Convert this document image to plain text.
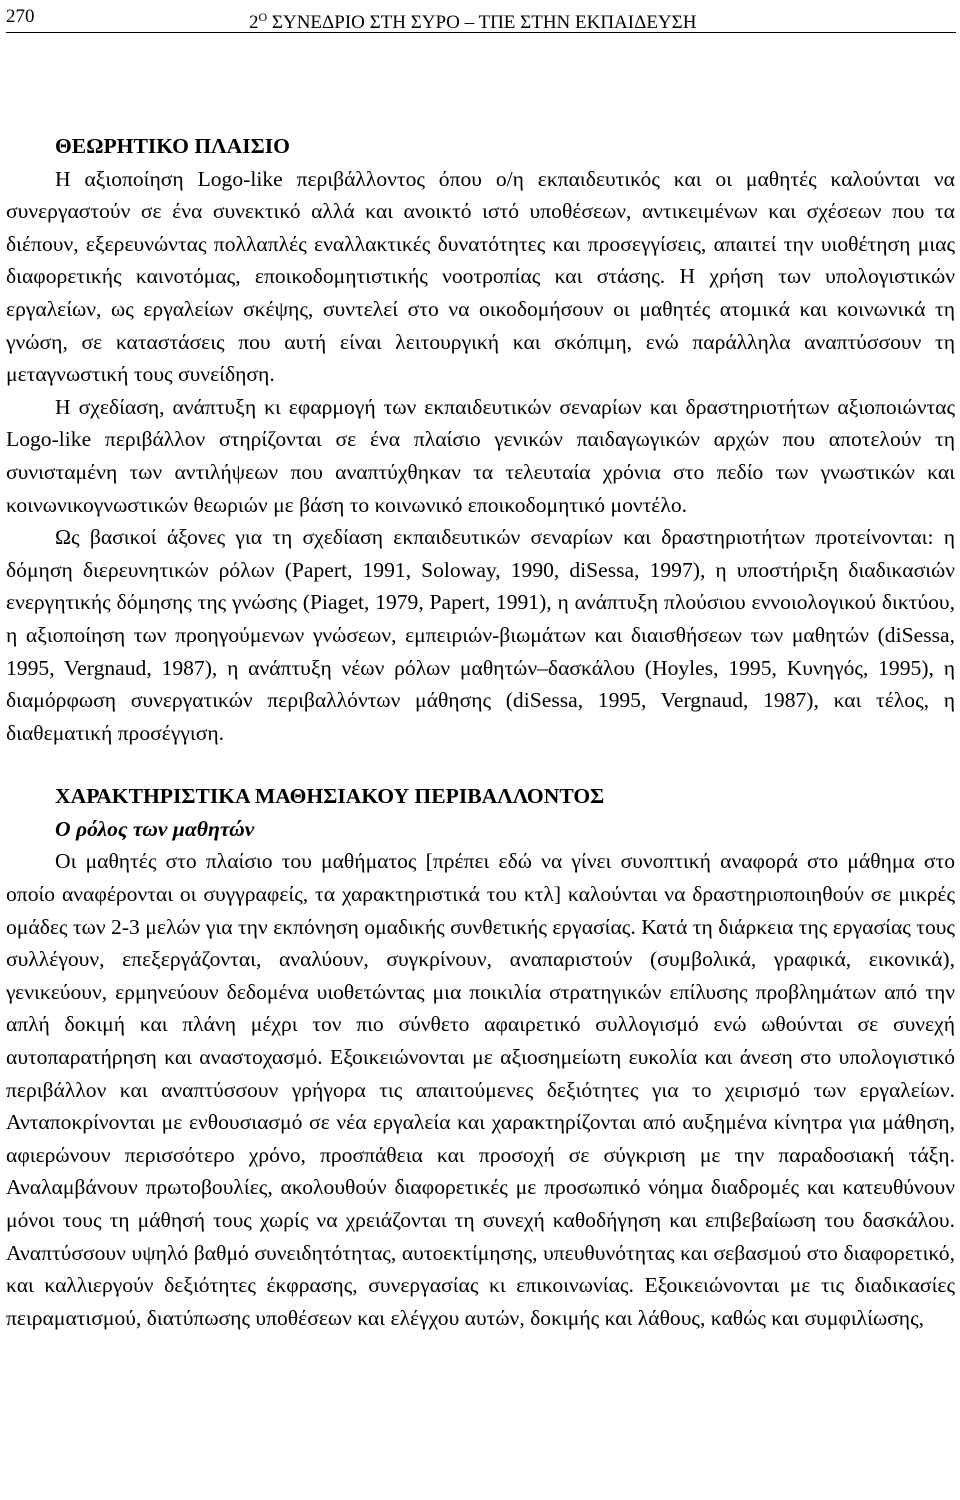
270	$2^O$ ΣΥΝΕΔΡΙΟ ΣΤΗ ΣΥΡΟ – ΤΠΕ ΣΤΗΝ ΕΚΠΑΙΔΕΥΣΗ
ΘΕΩΡΗΤΙΚΟ ΠΛΑΙΣΙΟ

Η αξιοποίηση Logo-like περιβάλλοντος όπου ο/η εκπαιδευτικός και οι μαθητές καλούνται να συνεργαστούν σε ένα συνεκτικό αλλά και ανοικτό ιστό υποθέσεων, αντικειμένων και σχέσεων που τα διέπουν, εξερευνώντας πολλαπλές εναλλακτικές δυνατότητες και προσεγγίσεις, απαιτεί την υιοθέτηση μιας διαφορετικής καινοτόμας, εποικοδομητιστικής νοοτροπίας και στάσης. Η χρήση των υπολογιστικών εργαλείων, ως εργαλείων σκέψης, συντελεί στο να οικοδομήσουν οι μαθητές ατομικά και κοινωνικά τη γνώση, σε καταστάσεις που αυτή είναι λειτουργική και σκόπιμη, ενώ παράλληλα αναπτύσσουν τη μεταγνωστική τους συνείδηση.

Η σχεδίαση, ανάπτυξη κι εφαρμογή των εκπαιδευτικών σεναρίων και δραστηριοτήτων αξιοποιώντας Logo-like περιβάλλον στηρίζονται σε ένα πλαίσιο γενικών παιδαγωγικών αρχών που αποτελούν τη συνισταμένη των αντιλήψεων που αναπτύχθηκαν τα τελευταία χρόνια στο πεδίο των γνωστικών και κοινωνικογνωστικών θεωριών με βάση το κοινωνικό εποικοδομητικό μοντέλο.

Ως βασικοί άξονες για τη σχεδίαση εκπαιδευτικών σεναρίων και δραστηριοτήτων προτείνονται: η δόμηση διερευνητικών ρόλων (Papert, 1991, Soloway, 1990, diSessa, 1997), η υποστήριξη διαδικασιών ενεργητικής δόμησης της γνώσης (Piaget, 1979, Papert, 1991), η ανάπτυξη πλούσιου εννοιολογικού δικτύου, η αξιοποίηση των προηγούμενων γνώσεων, εμπειριών-βιωμάτων και διαισθήσεων των μαθητών (diSessa, 1995, Vergnaud, 1987), η ανάπτυξη νέων ρόλων μαθητών–δασκάλου (Hoyles, 1995, Κυνηγός, 1995), η διαμόρφωση συνεργατικών περιβαλλόντων μάθησης (diSessa, 1995, Vergnaud, 1987), και τέλος, η διαθεματική προσέγγιση.

ΧΑΡΑΚΤΗΡΙΣΤΙΚΑ ΜΑΘΗΣΙΑΚΟΥ ΠΕΡΙΒΑΛΛΟΝΤΟΣ
Ο ρόλος των μαθητών

Οι μαθητές στο πλαίσιο του μαθήματος [πρέπει εδώ να γίνει συνοπτική αναφορά στο μάθημα στο οποίο αναφέρονται οι συγγραφείς, τα χαρακτηριστικά του κτλ] καλούνται να δραστηριοποιηθούν σε μικρές ομάδες των 2-3 μελών για την εκπόνηση ομαδικής συνθετικής εργασίας. Κατά τη διάρκεια της εργασίας τους συλλέγουν, επεξεργάζονται, αναλύουν, συγκρίνουν, αναπαριστούν (συμβολικά, γραφικά, εικονικά), γενικεύουν, ερμηνεύουν δεδομένα υιοθετώντας μια ποικιλία στρατηγικών επίλυσης προβλημάτων από την απλή δοκιμή και πλάνη μέχρι τον πιο σύνθετο αφαιρετικό συλλογισμό ενώ ωθούνται σε συνεχή αυτοπαρατήρηση και αναστοχασμό. Εξοικειώνονται με αξιοσημείωτη ευκολία και άνεση στο υπολογιστικό περιβάλλον και αναπτύσσουν γρήγορα τις απαιτούμενες δεξιότητες για το χειρισμό των εργαλείων. Ανταποκρίνονται με ενθουσιασμό σε νέα εργαλεία και χαρακτηρίζονται από αυξημένα κίνητρα για μάθηση, αφιερώνουν περισσότερο χρόνο, προσπάθεια και προσοχή σε σύγκριση με την παραδοσιακή τάξη. Αναλαμβάνουν πρωτοβουλίες, ακολουθούν διαφορετικές με προσωπικό νόημα διαδρομές και κατευθύνουν μόνοι τους τη μάθησή τους χωρίς να χρειάζονται τη συνεχή καθοδήγηση και επιβεβαίωση του δασκάλου. Αναπτύσσουν υψηλό βαθμό συνειδητότητας, αυτοεκτίμησης, υπευθυνότητας και σεβασμού στο διαφορετικό, και καλλιεργούν δεξιότητες έκφρασης, συνεργασίας κι επικοινωνίας. Εξοικειώνονται με τις διαδικασίες πειραματισμού, διατύπωσης υποθέσεων και ελέγχου αυτών, δοκιμής και λάθους, καθώς και συμφιλίωσης,
